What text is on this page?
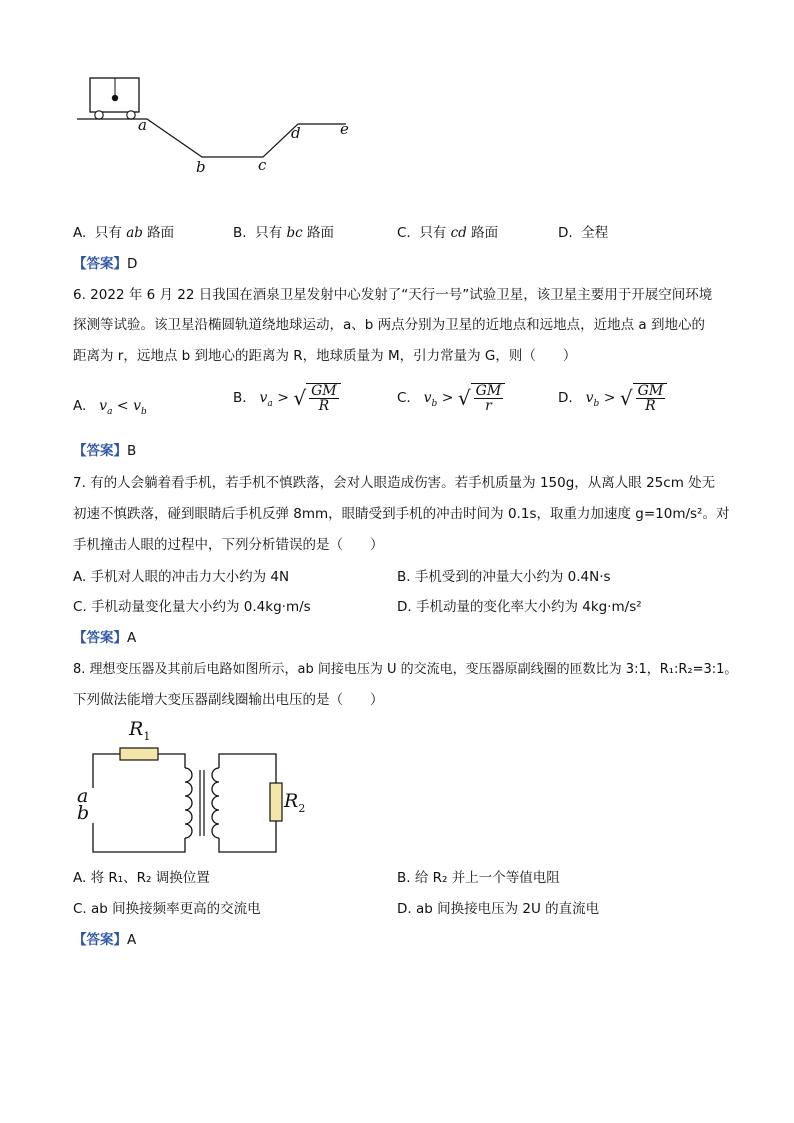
a
b	c
d	e
A. 只有 ab 路面	B. 只有 bc 路面	C. 只有 cd 路面	D. 全程
【答案】D
6. 2022 年 6 月 22 日我国在酒泉卫星发射中心发射了“天行一号”试验卫星，该卫星主要用于开展空间环境
探测等试验。该卫星沿椭圆轨道绕地球运动，a、b 两点分别为卫星的近地点和远地点，近地点 a 到地心的
距离为 r，远地点 b 到地心的距离为 R，地球质量为 M，引力常量为 G，则（　　）
A. $v_a < v_b$
B. $v_a$ > √ $\frac{GM}{R}$	C. $v_b$ > √ $\frac{GM}{r}$	D. $v_b$ > √ $\frac{GM}{R}$
【答案】B
7. 有的人会躺着看手机，若手机不慎跌落，会对人眼造成伤害。若手机质量为 150g，从离人眼 25cm 处无
初速不慎跌落，碰到眼睛后手机反弹 8mm，眼睛受到手机的冲击时间为 0.1s，取重力加速度 g=10m/s²。对
手机撞击人眼的过程中，下列分析错误的是（　　）
A. 手机对人眼的冲击力大小约为 4N	B. 手机受到的冲量大小约为 0.4N·s
C. 手机动量变化量大小约为 0.4kg·m/s	D. 手机动量的变化率大小约为 4kg·m/s²
【答案】A
8. 理想变压器及其前后电路如图所示，ab 间接电压为 U 的交流电，变压器原副线圈的匝数比为 3:1，R₁:R₂=3:1。
下列做法能增大变压器副线圈输出电压的是（　　）
$R_1$
$R_2$
a
b
A. 将 R₁、R₂ 调换位置	B. 给 R₂ 并上一个等值电阻
C. ab 间换接频率更高的交流电	D. ab 间换接电压为 2U 的直流电
【答案】A
